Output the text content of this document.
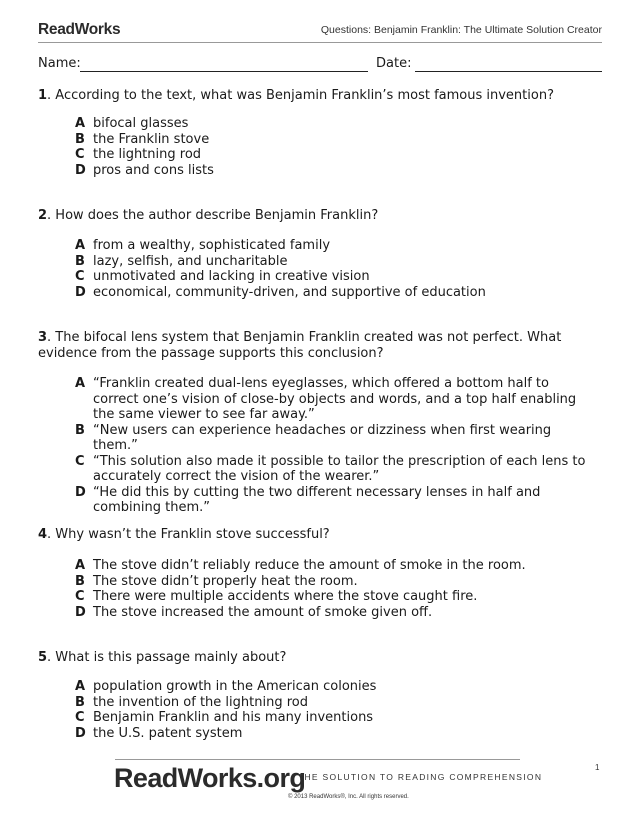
ReadWorks	Questions: Benjamin Franklin: The Ultimate Solution Creator
Name:	Date:
1. According to the text, what was Benjamin Franklin’s most famous invention?
A bifocal glasses
B the Franklin stove
C the lightning rod
D pros and cons lists
2. How does the author describe Benjamin Franklin?
A from a wealthy, sophisticated family
B lazy, selfish, and uncharitable
C unmotivated and lacking in creative vision
D economical, community-driven, and supportive of education
3. The bifocal lens system that Benjamin Franklin created was not perfect. What evidence from the passage supports this conclusion?
A “Franklin created dual-lens eyeglasses, which offered a bottom half to correct one’s vision of close-by objects and words, and a top half enabling the same viewer to see far away.”
B “New users can experience headaches or dizziness when first wearing them.”
C “This solution also made it possible to tailor the prescription of each lens to accurately correct the vision of the wearer.”
D “He did this by cutting the two different necessary lenses in half and combining them.”
4. Why wasn’t the Franklin stove successful?
A The stove didn’t reliably reduce the amount of smoke in the room.
B The stove didn’t properly heat the room.
C There were multiple accidents where the stove caught fire.
D The stove increased the amount of smoke given off.
5. What is this passage mainly about?
A population growth in the American colonies
B the invention of the lightning rod
C Benjamin Franklin and his many inventions
D the U.S. patent system
ReadWorks.org
THE SOLUTION TO READING COMPREHENSION
© 2013 ReadWorks®, Inc. All rights reserved.
1
